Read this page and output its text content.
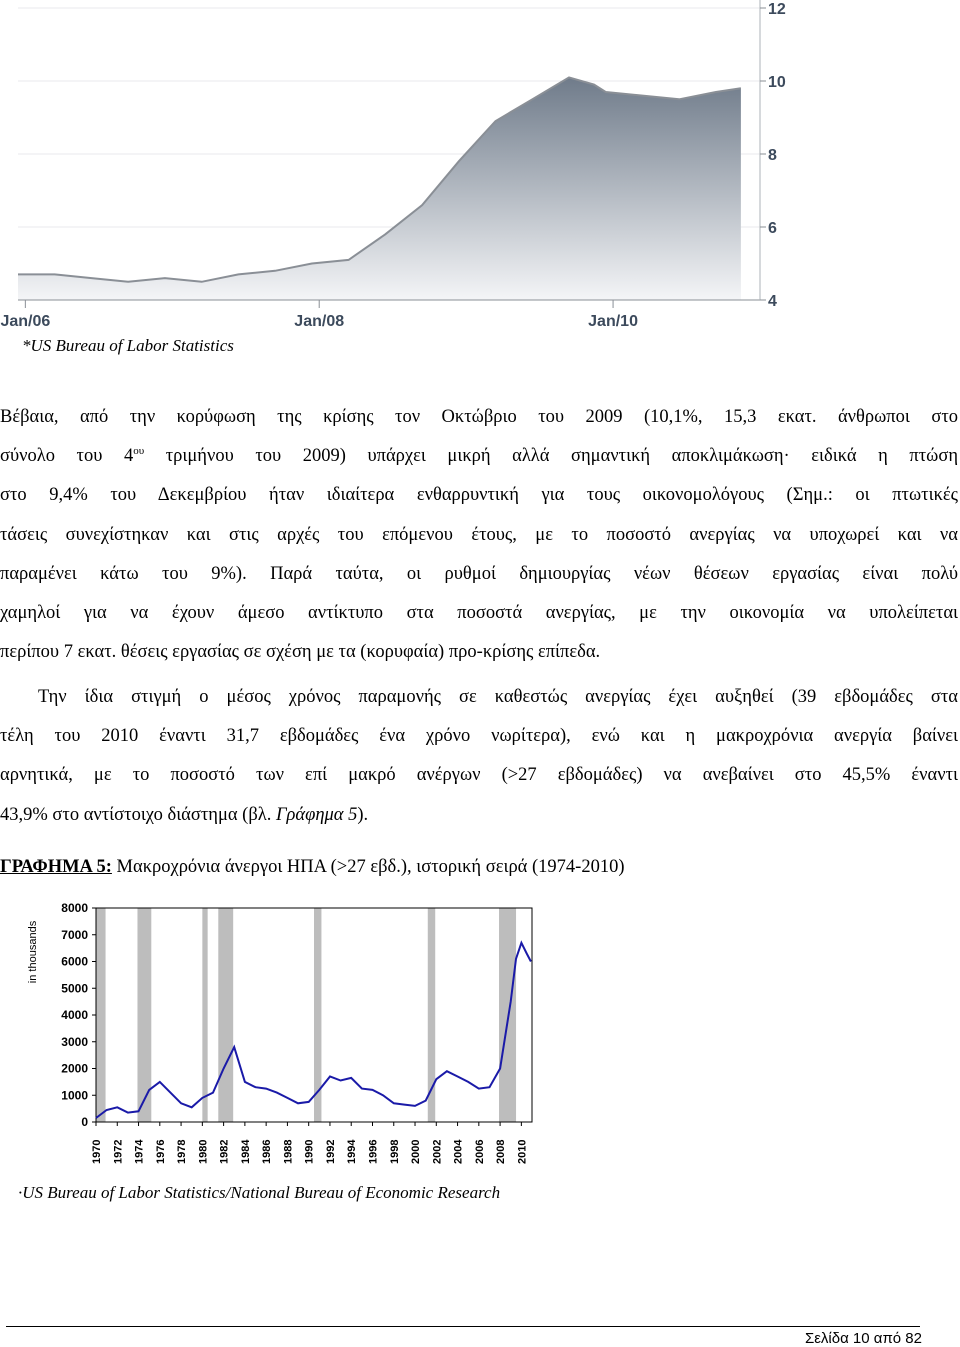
12
10
8
6
4
Jan/06	Jan/08	Jan/10
*US Bureau of Labor Statistics
Βέβαια, από την κορύφωση της κρίσης τον Οκτώβριο του 2009 (10,1%, 15,3 εκατ. άνθρωποι στο
σύνολο του $4^{o\upsilon}$ τριμήνου του 2009) υπάρχει μικρή αλλά σημαντική αποκλιμάκωση· ειδικά η πτώση
στο 9,4% του Δεκεμβρίου ήταν ιδιαίτερα ενθαρρυντική για τους οικονομολόγους (Σημ.: οι πτωτικές
τάσεις συνεχίστηκαν και στις αρχές του επόμενου έτους, με το ποσοστό ανεργίας να υποχωρεί και να
παραμένει κάτω του 9%). Παρά ταύτα, οι ρυθμοί δημιουργίας νέων θέσεων εργασίας είναι πολύ
χαμηλοί για να έχουν άμεσο αντίκτυπο στα ποσοστά ανεργίας, με την οικονομία να υπολείπεται
περίπου 7 εκατ. θέσεις εργασίας σε σχέση με τα (κορυφαία) προ-κρίσης επίπεδα.
Την ίδια στιγμή ο μέσος χρόνος παραμονής σε καθεστώς ανεργίας έχει αυξηθεί (39 εβδομάδες στα
τέλη του 2010 έναντι 31,7 εβδομάδες ένα χρόνο νωρίτερα), ενώ και η μακροχρόνια ανεργία βαίνει
αρνητικά, με το ποσοστό των επί μακρό ανέργων (>27 εβδομάδες) να ανεβαίνει στο 45,5% έναντι
43,9% στο αντίστοιχο διάστημα (βλ. Γράφημα 5).
ΓΡΑΦΗΜΑ 5: Μακροχρόνια άνεργοι ΗΠΑ (>27 εβδ.), ιστορική σειρά (1974-2010)
in thousands
8000
7000
6000
5000
4000
3000
2000
1000
0
1970 1972 1974 1976 1978 1980 1982 1984 1986 1988 1990 1992 1994 1996 1998 2000 2002 2004 2006 2008 2010
·US Bureau of Labor Statistics/National Bureau of Economic Research
Σελίδα 10 από 82
